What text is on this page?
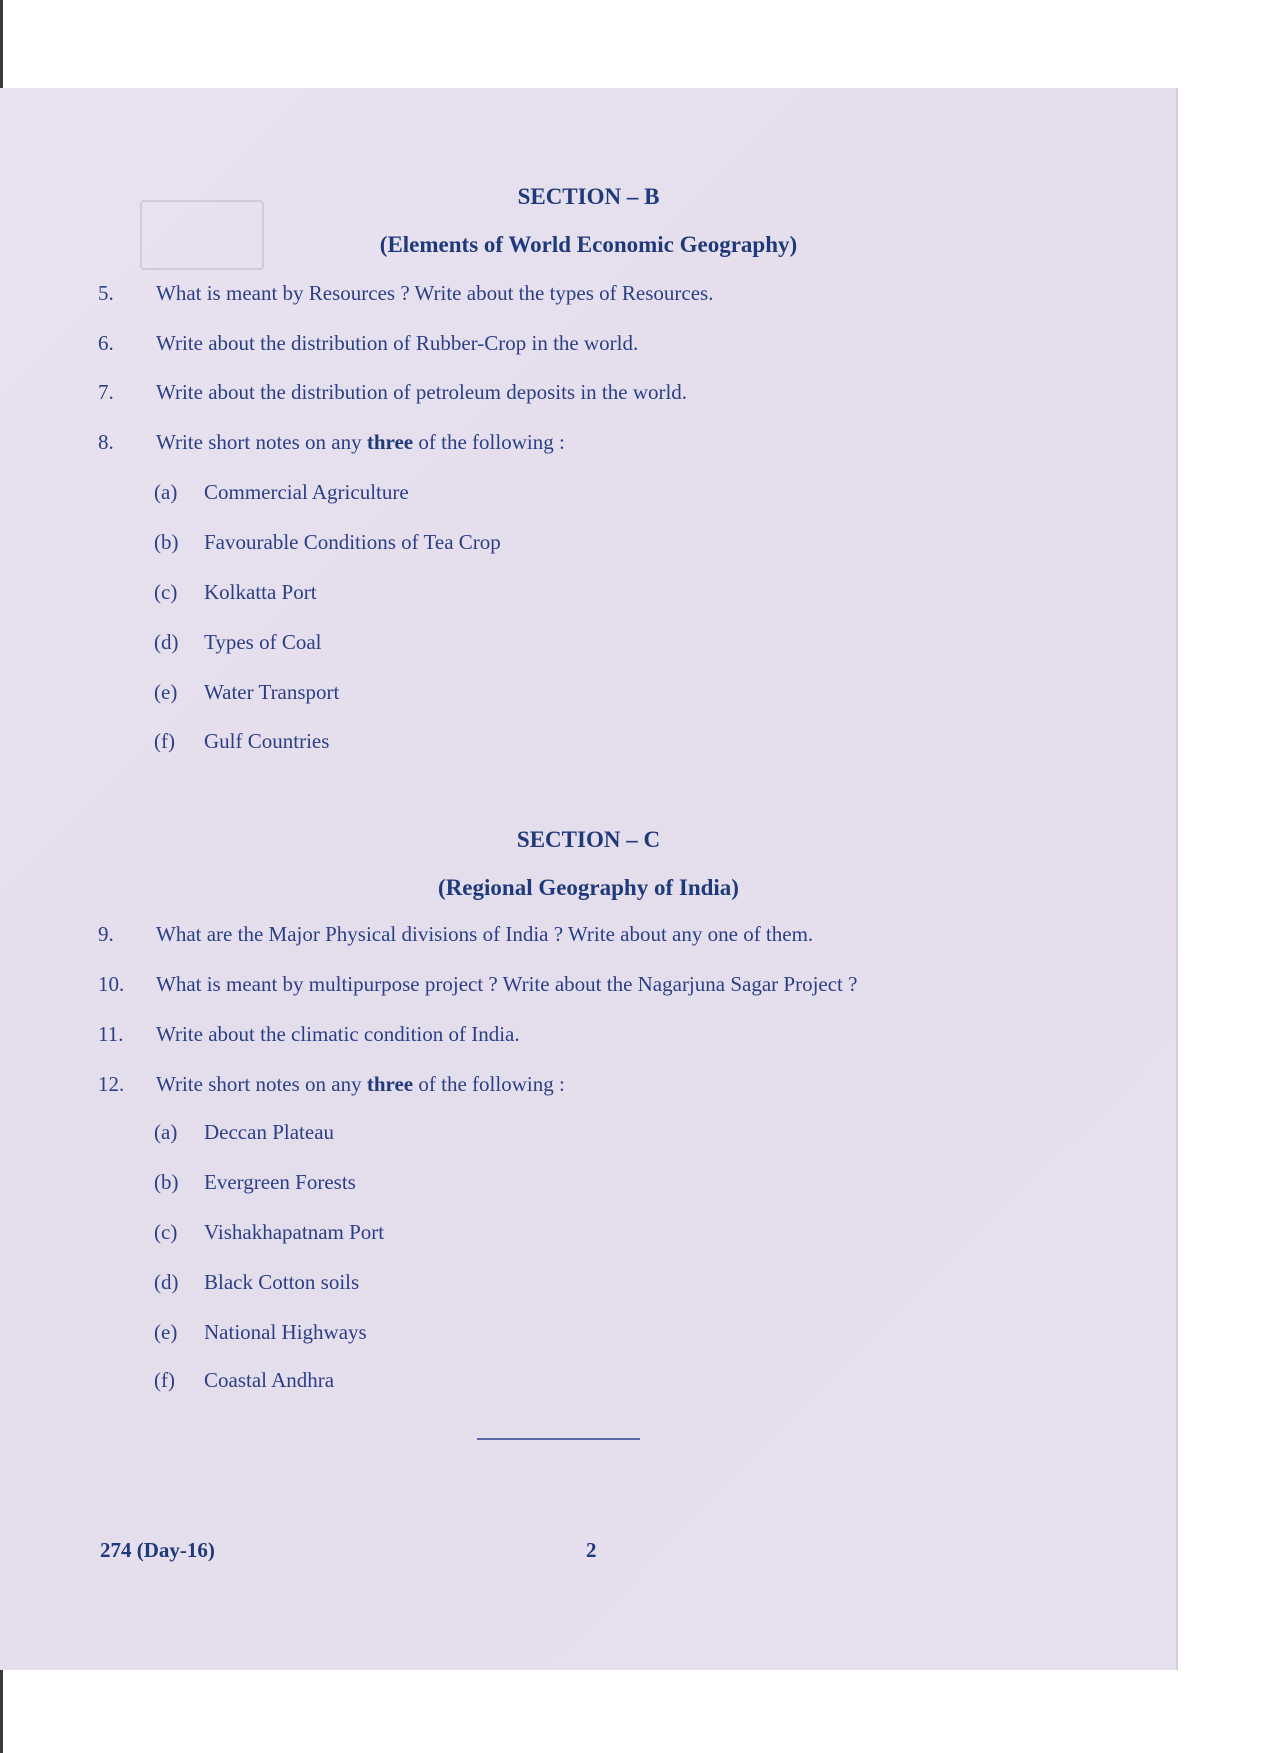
SECTION – B
(Elements of World Economic Geography)
5. What is meant by Resources ? Write about the types of Resources.
6. Write about the distribution of Rubber-Crop in the world.
7. Write about the distribution of petroleum deposits in the world.
8. Write short notes on any three of the following :
(a) Commercial Agriculture
(b) Favourable Conditions of Tea Crop
(c) Kolkatta Port
(d) Types of Coal
(e) Water Transport
(f) Gulf Countries
SECTION – C
(Regional Geography of India)
9. What are the Major Physical divisions of India ? Write about any one of them.
10. What is meant by multipurpose project ? Write about the Nagarjuna Sagar Project ?
11. Write about the climatic condition of India.
12. Write short notes on any three of the following :
(a) Deccan Plateau
(b) Evergreen Forests
(c) Vishakhapatnam Port
(d) Black Cotton soils
(e) National Highways
(f) Coastal Andhra
274 (Day-16)	2
